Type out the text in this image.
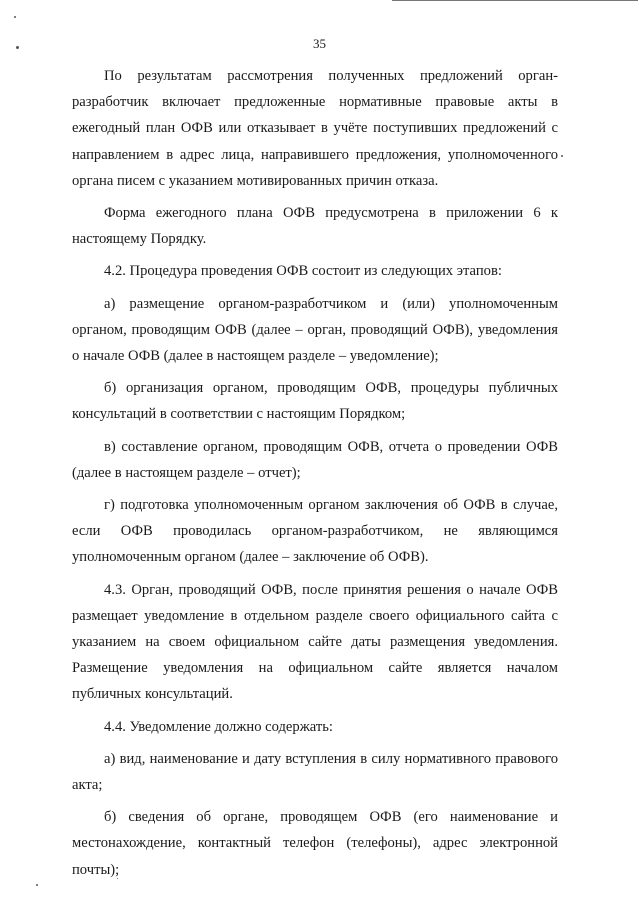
35

По результатам рассмотрения полученных предложений орган-разработчик включает предложенные нормативные правовые акты в ежегодный план ОФВ или отказывает в учёте поступивших предложений с направлением в адрес лица, направившего предложения, уполномоченного органа писем с указанием мотивированных причин отказа.

Форма ежегодного плана ОФВ предусмотрена в приложении 6 к настоящему Порядку.

4.2. Процедура проведения ОФВ состоит из следующих этапов:

а) размещение органом-разработчиком и (или) уполномоченным органом, проводящим ОФВ (далее – орган, проводящий ОФВ), уведомления о начале ОФВ (далее в настоящем разделе – уведомление);

б) организация органом, проводящим ОФВ, процедуры публичных консультаций в соответствии с настоящим Порядком;

в) составление органом, проводящим ОФВ, отчета о проведении ОФВ (далее в настоящем разделе – отчет);

г) подготовка уполномоченным органом заключения об ОФВ в случае, если ОФВ проводилась органом-разработчиком, не являющимся уполномоченным органом (далее – заключение об ОФВ).

4.3. Орган, проводящий ОФВ, после принятия решения о начале ОФВ размещает уведомление в отдельном разделе своего официального сайта с указанием на своем официальном сайте даты размещения уведомления. Размещение уведомления на официальном сайте является началом публичных консультаций.

4.4. Уведомление должно содержать:

а) вид, наименование и дату вступления в силу нормативного правового акта;

б) сведения об органе, проводящем ОФВ (его наименование и местонахождение, контактный телефон (телефоны), адрес электронной почты);
